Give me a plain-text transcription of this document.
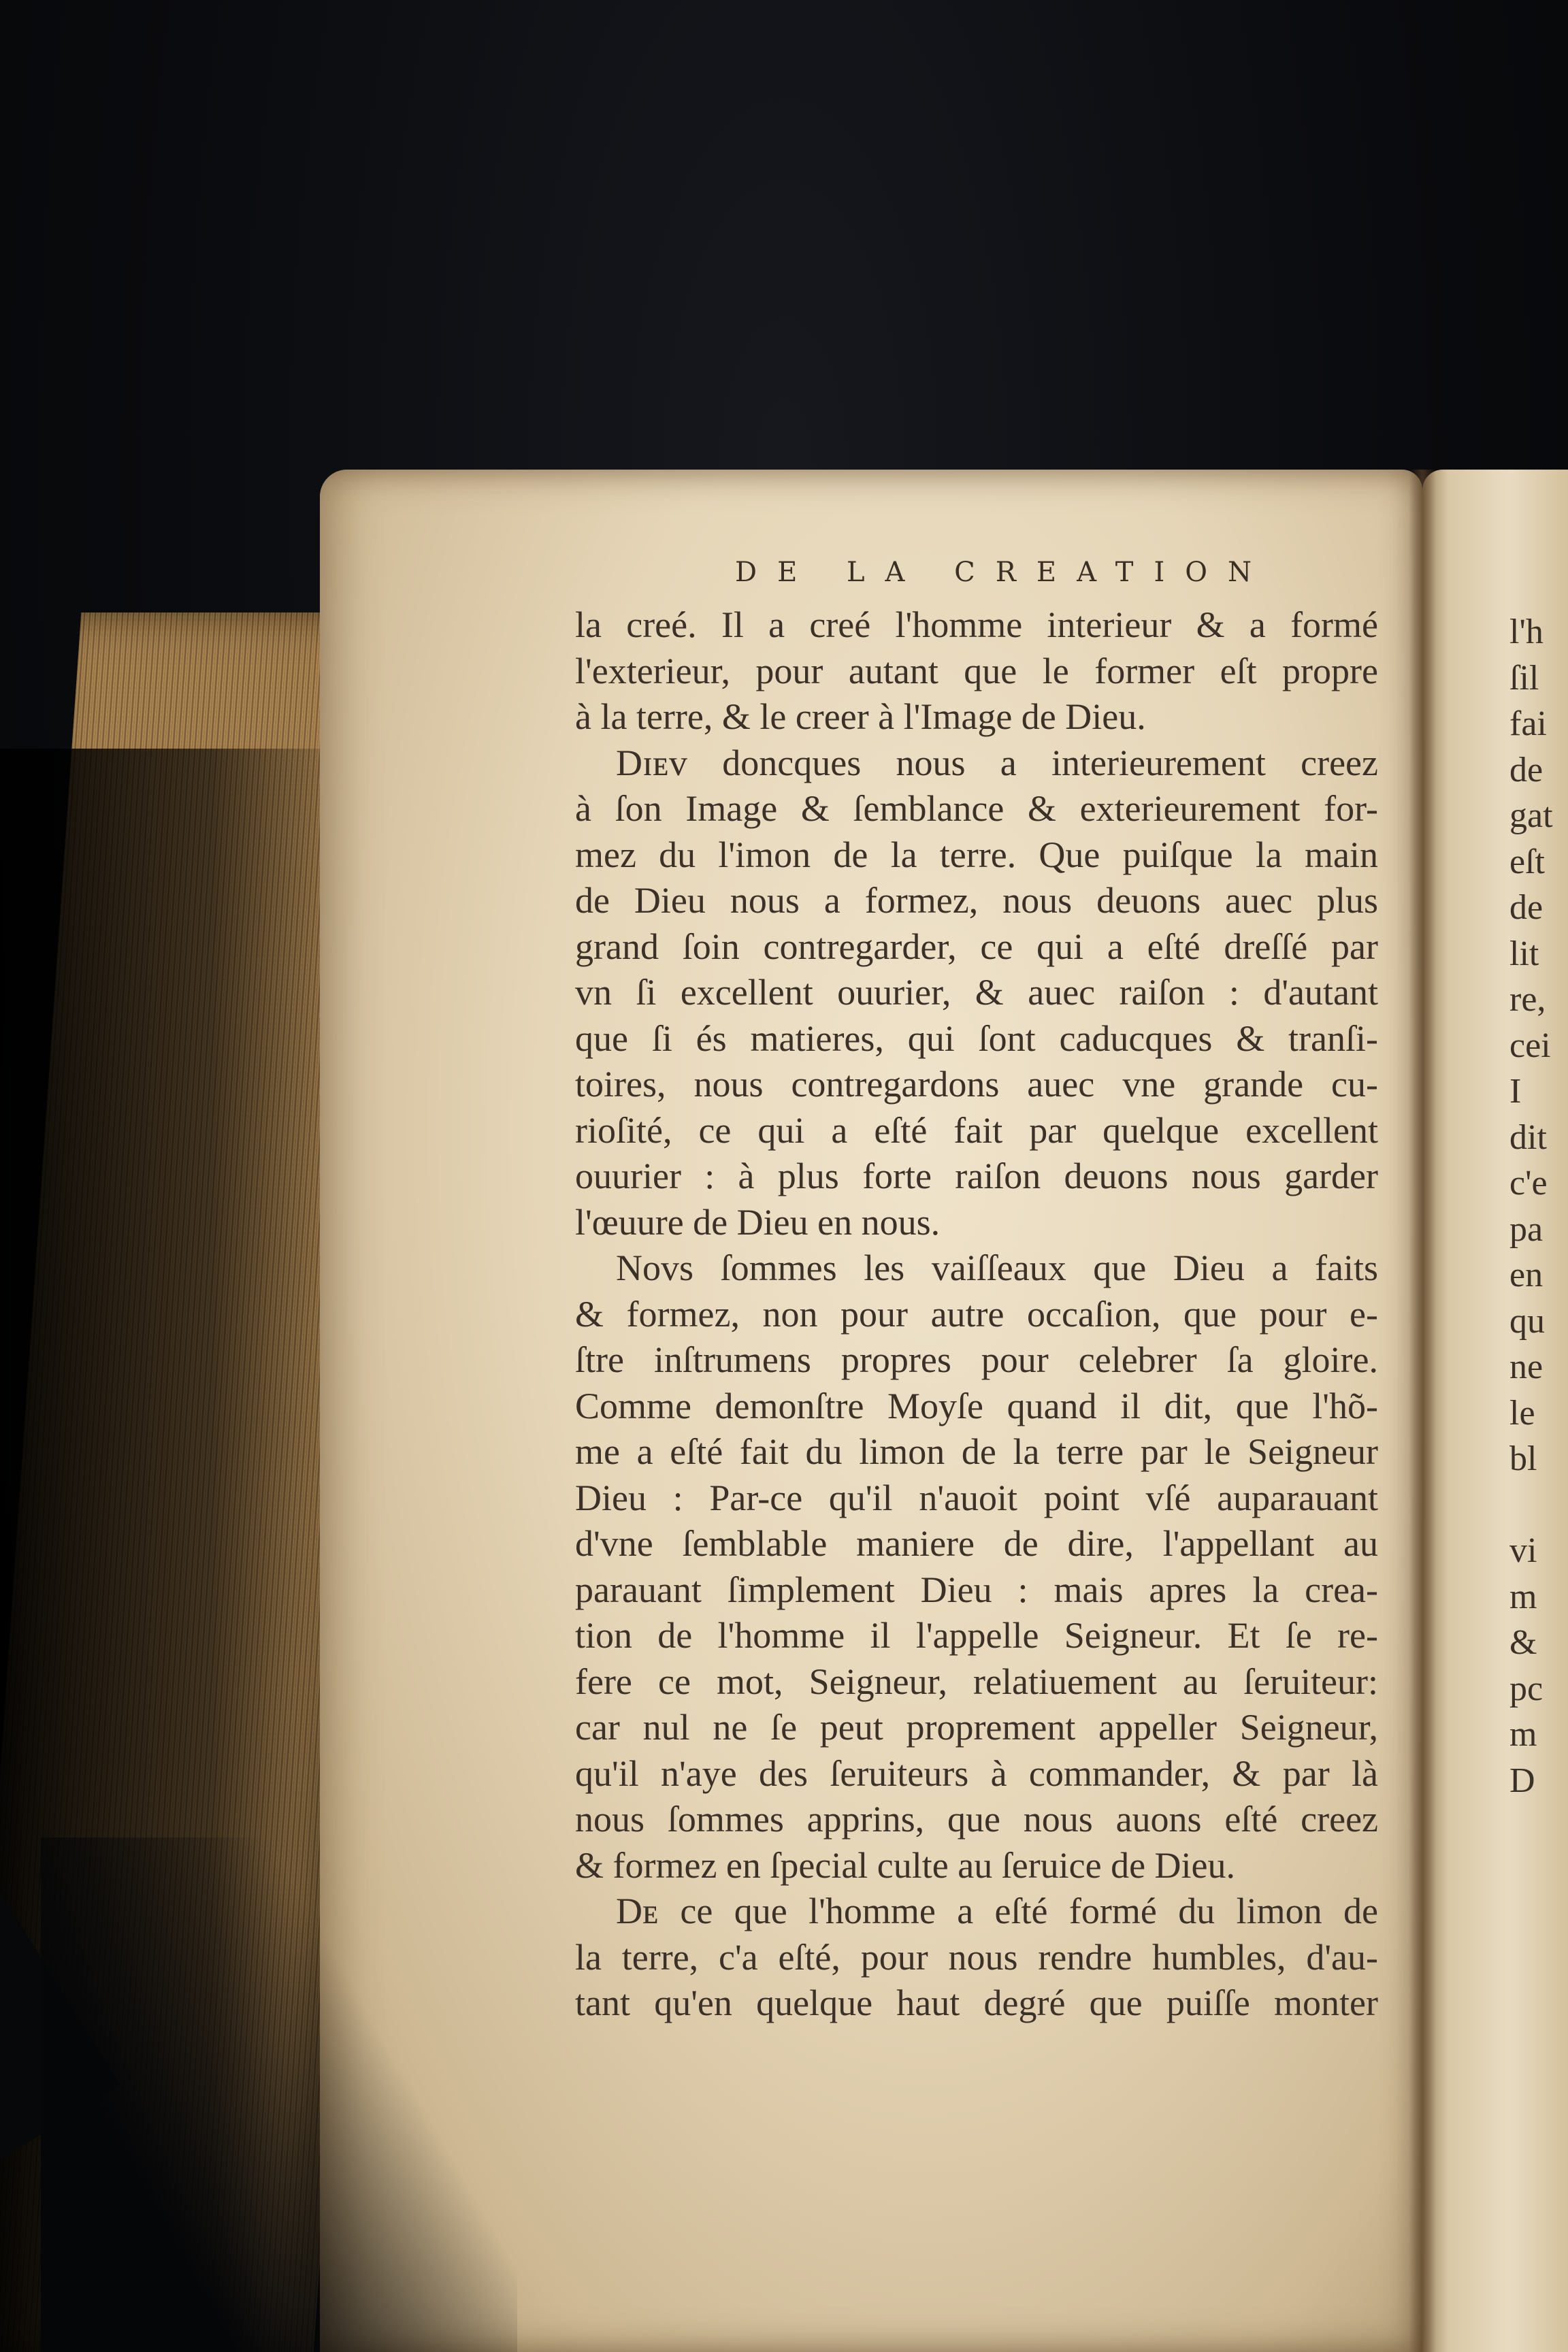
DE LA CREATION
la creé. Il a creé l'homme interieur & a formé
l'exterieur, pour autant que le former eſt propre
à la terre, & le creer à l'Image de Dieu.
Dɪᴇᴠ doncques nous a interieurement creez
à ſon Image & ſemblance & exterieurement for-
mez du l'imon de la terre. Que puiſque la main
de Dieu nous a formez, nous deuons auec plus
grand ſoin contregarder, ce qui a eſté dreſſé par
vn ſi excellent ouurier, & auec raiſon : d'autant
que ſi és matieres, qui ſont caducques & tranſi-
toires, nous contregardons auec vne grande cu-
rioſité, ce qui a eſté fait par quelque excellent
ouurier : à plus forte raiſon deuons nous garder
l'œuure de Dieu en nous.
Nᴏᴠs ſommes les vaiſſeaux que Dieu a faits
& formez, non pour autre occaſion, que pour e-
ſtre inſtrumens propres pour celebrer ſa gloire.
Comme demonſtre Moyſe quand il dit, que l'hõ-
me a eſté fait du limon de la terre par le Seigneur
Dieu : Par-ce qu'il n'auoit point vſé auparauant
d'vne ſemblable maniere de dire, l'appellant au
parauant ſimplement Dieu : mais apres la crea-
tion de l'homme il l'appelle Seigneur. Et ſe re-
fere ce mot, Seigneur, relatiuement au ſeruiteur:
car nul ne ſe peut proprement appeller Seigneur,
qu'il n'aye des ſeruiteurs à commander, & par là
nous ſommes apprins, que nous auons eſté creez
& formez en ſpecial culte au ſeruice de Dieu.
Dᴇ ce que l'homme a eſté formé du limon de
la terre, c'a eſté, pour nous rendre humbles, d'au-
tant qu'en quelque haut degré que puiſſe monter
l'h
ſil
fai
de
gat
eſt
de
lit
re,
cei
I
dit
c'e
pa
en
qu
ne
le
bl
vi
m
&
pc
m
D
